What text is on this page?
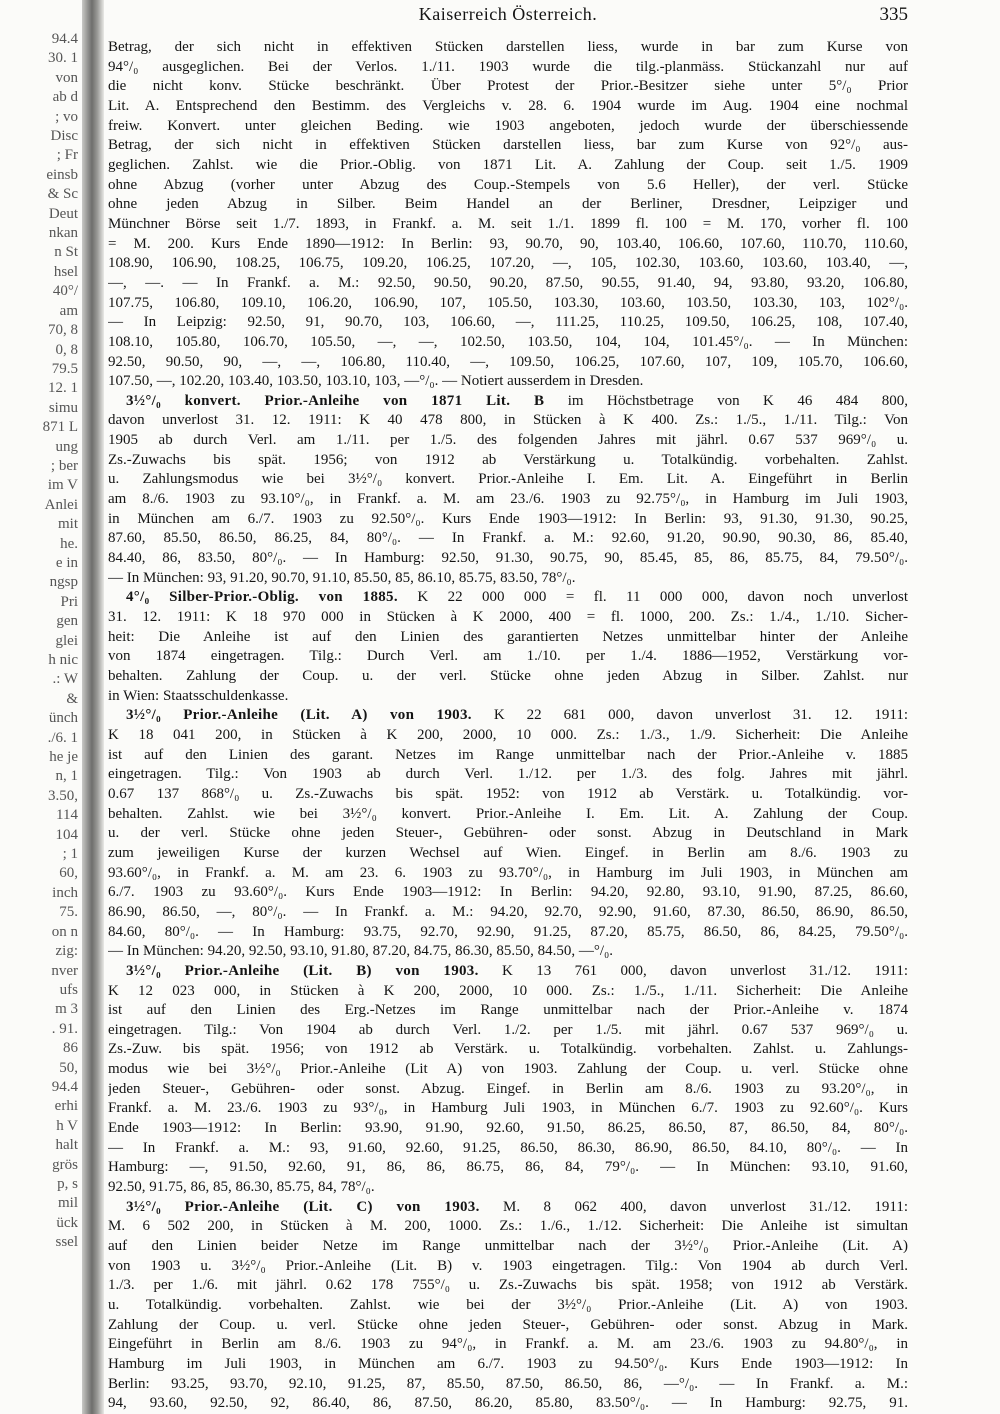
94.4
30. 1
von
ab d
; vo
Disc
; Fr
einsb
& Sc
Deut
nkan
n St
hsel
40°/
am
70, 8
0, 8
79.5
12. 1
simu
871 L
ung
; ber
im V
Anlei
mit
he.
e in
ngsp
Pri
gen
glei
h nic
.: W
&
ünch
./6. 1
he je
n, 1
3.50,
114
104
; 1
60,
inch
75.
on n
zig:
nver
ufs
m 3
. 91.
86
50,
94.4
erhi
h V
halt
grös
p, s
mil
ück
ssel
Kaiserreich Österreich.	335
Betrag, der sich nicht in effektiven Stücken darstellen liess, wurde in bar zum Kurse von
94°/₀ ausgeglichen. Bei der Verlos. 1./11. 1903 wurde die tilg.-planmäss. Stückanzahl nur auf
die nicht konv. Stücke beschränkt. Über Protest der Prior.-Besitzer siehe unter 5°/₀ Prior
Lit. A. Entsprechend den Bestimm. des Vergleichs v. 28. 6. 1904 wurde im Aug. 1904 eine nochmal
freiw. Konvert. unter gleichen Beding. wie 1903 angeboten, jedoch wurde der überschiessende
Betrag, der sich nicht in effektiven Stücken darstellen liess, bar zum Kurse von 92°/₀ aus-
geglichen. Zahlst. wie die Prior.-Oblig. von 1871 Lit. A. Zahlung der Coup. seit 1./5. 1909
ohne Abzug (vorher unter Abzug des Coup.-Stempels von 5.6 Heller), der verl. Stücke
ohne jeden Abzug in Silber. Beim Handel an der Berliner, Dresdner, Leipziger und
Münchner Börse seit 1./7. 1893, in Frankf. a. M. seit 1./1. 1899 fl. 100 = M. 170, vorher fl. 100
= M. 200. Kurs Ende 1890—1912: In Berlin: 93, 90.70, 90, 103.40, 106.60, 107.60, 110.70, 110.60,
108.90, 106.90, 108.25, 106.75, 109.20, 106.25, 107.20, —, 105, 102.30, 103.60, 103.60, 103.40, —,
—, —. — In Frankf. a. M.: 92.50, 90.50, 90.20, 87.50, 90.55, 91.40, 94, 93.80, 93.20, 106.80,
107.75, 106.80, 109.10, 106.20, 106.90, 107, 105.50, 103.30, 103.60, 103.50, 103.30, 103, 102°/₀.
— In Leipzig: 92.50, 91, 90.70, 103, 106.60, —, 111.25, 110.25, 109.50, 106.25, 108, 107.40,
108.10, 105.80, 106.70, 105.50, —, —, 102.50, 103.50, 104, 104, 101.45°/₀. — In München:
92.50, 90.50, 90, —, —, 106.80, 110.40, —, 109.50, 106.25, 107.60, 107, 109, 105.70, 106.60,
107.50, —, 102.20, 103.40, 103.50, 103.10, 103, —°/₀. — Notiert ausserdem in Dresden.
3½°/₀ konvert. Prior.-Anleihe von 1871 Lit. B im Höchstbetrage von K 46 484 800,
davon unverlost 31. 12. 1911: K 40 478 800, in Stücken à K 400. Zs.: 1./5., 1./11. Tilg.: Von
1905 ab durch Verl. am 1./11. per 1./5. des folgenden Jahres mit jährl. 0.67 537 969°/₀ u.
Zs.-Zuwachs bis spät. 1956; von 1912 ab Verstärkung u. Totalkündig. vorbehalten. Zahlst.
u. Zahlungsmodus wie bei 3½°/₀ konvert. Prior.-Anleihe I. Em. Lit. A. Eingeführt in Berlin
am 8./6. 1903 zu 93.10°/₀, in Frankf. a. M. am 23./6. 1903 zu 92.75°/₀, in Hamburg im Juli 1903,
in München am 6./7. 1903 zu 92.50°/₀. Kurs Ende 1903—1912: In Berlin: 93, 91.30, 91.30, 90.25,
87.60, 85.50, 86.50, 86.25, 84, 80°/₀. — In Frankf. a. M.: 92.60, 91.20, 90.90, 90.30, 86, 85.40,
84.40, 86, 83.50, 80°/₀. — In Hamburg: 92.50, 91.30, 90.75, 90, 85.45, 85, 86, 85.75, 84, 79.50°/₀.
— In München: 93, 91.20, 90.70, 91.10, 85.50, 85, 86.10, 85.75, 83.50, 78°/₀.
4°/₀ Silber-Prior.-Oblig. von 1885. K 22 000 000 = fl. 11 000 000, davon noch unverlost
31. 12. 1911: K 18 970 000 in Stücken à K 2000, 400 = fl. 1000, 200. Zs.: 1./4., 1./10. Sicher-
heit: Die Anleihe ist auf den Linien des garantierten Netzes unmittelbar hinter der Anleihe
von 1874 eingetragen. Tilg.: Durch Verl. am 1./10. per 1./4. 1886—1952, Verstärkung vor-
behalten. Zahlung der Coup. u. der verl. Stücke ohne jeden Abzug in Silber. Zahlst. nur
in Wien: Staatsschuldenkasse.
3½°/₀ Prior.-Anleihe (Lit. A) von 1903. K 22 681 000, davon unverlost 31. 12. 1911:
K 18 041 200, in Stücken à K 200, 2000, 10 000. Zs.: 1./3., 1./9. Sicherheit: Die Anleihe
ist auf den Linien des garant. Netzes im Range unmittelbar nach der Prior.-Anleihe v. 1885
eingetragen. Tilg.: Von 1903 ab durch Verl. 1./12. per 1./3. des folg. Jahres mit jährl.
0.67 137 868°/₀ u. Zs.-Zuwachs bis spät. 1952: von 1912 ab Verstärk. u. Totalkündig. vor-
behalten. Zahlst. wie bei 3½°/₀ konvert. Prior.-Anleihe I. Em. Lit. A. Zahlung der Coup.
u. der verl. Stücke ohne jeden Steuer-, Gebühren- oder sonst. Abzug in Deutschland in Mark
zum jeweiligen Kurse der kurzen Wechsel auf Wien. Eingef. in Berlin am 8./6. 1903 zu
93.60°/₀, in Frankf. a. M. am 23. 6. 1903 zu 93.70°/₀, in Hamburg im Juli 1903, in München am
6./7. 1903 zu 93.60°/₀. Kurs Ende 1903—1912: In Berlin: 94.20, 92.80, 93.10, 91.90, 87.25, 86.60,
86.90, 86.50, —, 80°/₀. — In Frankf. a. M.: 94.20, 92.70, 92.90, 91.60, 87.30, 86.50, 86.90, 86.50,
84.60, 80°/₀. — In Hamburg: 93.75, 92.70, 92.90, 91.25, 87.20, 85.75, 86.50, 86, 84.25, 79.50°/₀.
— In München: 94.20, 92.50, 93.10, 91.80, 87.20, 84.75, 86.30, 85.50, 84.50, —°/₀.
3½°/₀ Prior.-Anleihe (Lit. B) von 1903. K 13 761 000, davon unverlost 31./12. 1911:
K 12 023 000, in Stücken à K 200, 2000, 10 000. Zs.: 1./5., 1./11. Sicherheit: Die Anleihe
ist auf den Linien des Erg.-Netzes im Range unmittelbar nach der Prior.-Anleihe v. 1874
eingetragen. Tilg.: Von 1904 ab durch Verl. 1./2. per 1./5. mit jährl. 0.67 537 969°/₀ u.
Zs.-Zuw. bis spät. 1956; von 1912 ab Verstärk. u. Totalkündig. vorbehalten. Zahlst. u. Zahlungs-
modus wie bei 3½°/₀ Prior.-Anleihe (Lit A) von 1903. Zahlung der Coup. u. verl. Stücke ohne
jeden Steuer-, Gebühren- oder sonst. Abzug. Eingef. in Berlin am 8./6. 1903 zu 93.20°/₀, in
Frankf. a. M. 23./6. 1903 zu 93°/₀, in Hamburg Juli 1903, in München 6./7. 1903 zu 92.60°/₀. Kurs
Ende 1903—1912: In Berlin: 93.90, 91.90, 92.60, 91.50, 86.25, 86.50, 87, 86.50, 84, 80°/₀.
— In Frankf. a. M.: 93, 91.60, 92.60, 91.25, 86.50, 86.30, 86.90, 86.50, 84.10, 80°/₀. — In
Hamburg: —, 91.50, 92.60, 91, 86, 86, 86.75, 86, 84, 79°/₀. — In München: 93.10, 91.60,
92.50, 91.75, 86, 85, 86.30, 85.75, 84, 78°/₀.
3½°/₀ Prior.-Anleihe (Lit. C) von 1903. M. 8 062 400, davon unverlost 31./12. 1911:
M. 6 502 200, in Stücken à M. 200, 1000. Zs.: 1./6., 1./12. Sicherheit: Die Anleihe ist simultan
auf den Linien beider Netze im Range unmittelbar nach der 3½°/₀ Prior.-Anleihe (Lit. A)
von 1903 u. 3½°/₀ Prior.-Anleihe (Lit. B) v. 1903 eingetragen. Tilg.: Von 1904 ab durch Verl.
1./3. per 1./6. mit jährl. 0.62 178 755°/₀ u. Zs.-Zuwachs bis spät. 1958; von 1912 ab Verstärk.
u. Totalkündig. vorbehalten. Zahlst. wie bei der 3½°/₀ Prior.-Anleihe (Lit. A) von 1903.
Zahlung der Coup. u. verl. Stücke ohne jeden Steuer-, Gebühren- oder sonst. Abzug in Mark.
Eingeführt in Berlin am 8./6. 1903 zu 94°/₀, in Frankf. a. M. am 23./6. 1903 zu 94.80°/₀, in
Hamburg im Juli 1903, in München am 6./7. 1903 zu 94.50°/₀. Kurs Ende 1903—1912: In
Berlin: 93.25, 93.70, 92.10, 91.25, 87, 85.50, 87.50, 86.50, 86, —°/₀. — In Frankf. a. M.:
94, 93.60, 92.50, 92, 86.40, 86, 87.50, 86.20, 85.80, 83.50°/₀. — In Hamburg: 92.75, 91.
